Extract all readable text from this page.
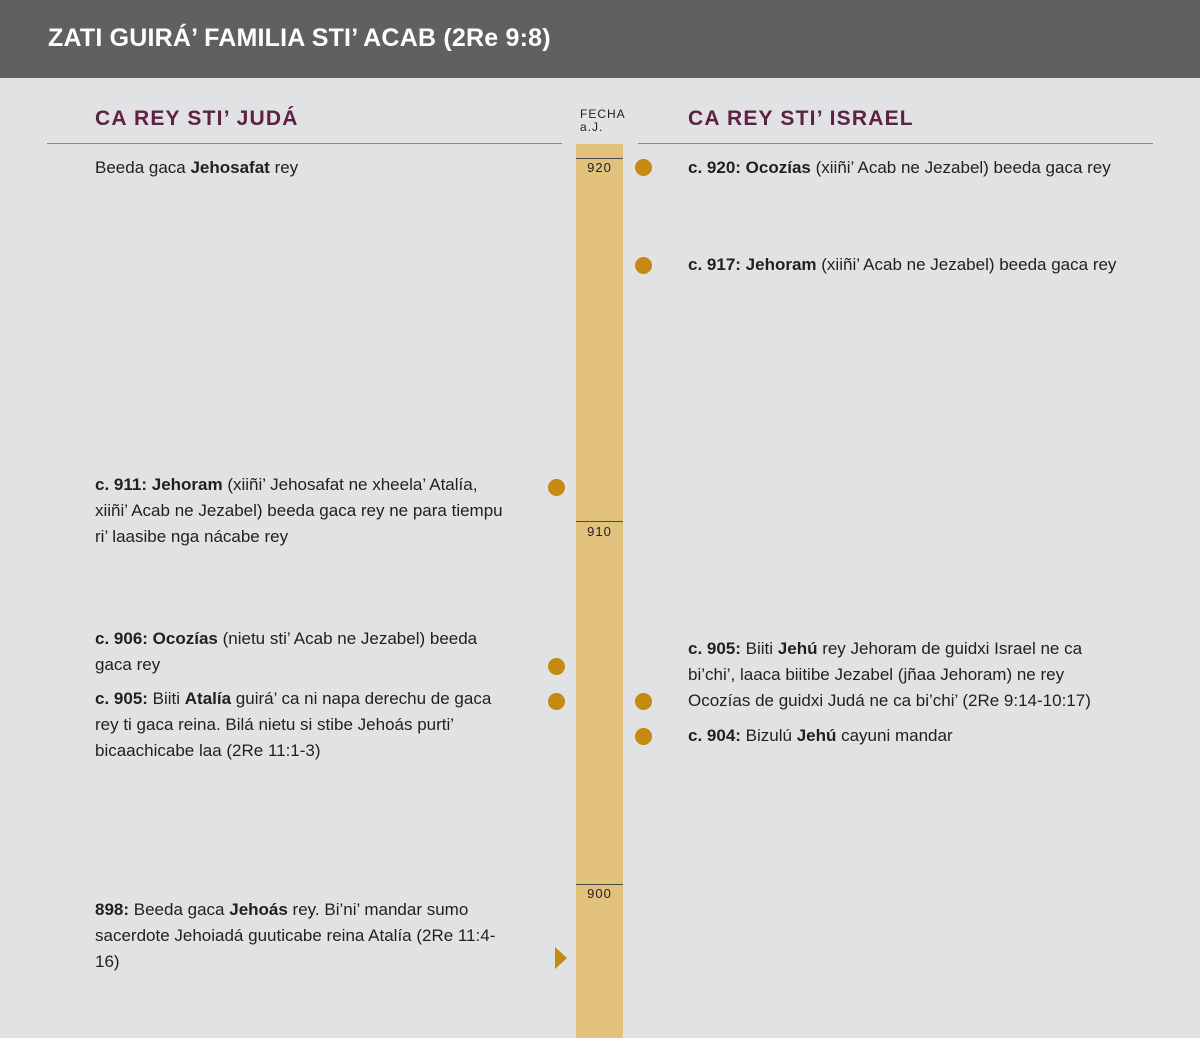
ZATI GUIRÁ’ FAMILIA STI’ ACAB (2Re 9:8)
CA REY STI’ JUDÁ	CA REY STI’ ISRAEL
FECHA
a.J.
920
910
900
Beeda gaca Jehosafat rey
c. 911: Jehoram (xiiñi’ Jehosafat ne xheela’ Atalía, xiiñi’ Acab ne Jezabel) beeda gaca rey ne para tiempu ri’ laasibe nga nácabe rey
c. 906: Ocozías (nietu sti’ Acab ne Jezabel) beeda gaca rey
c. 905: Biiti Atalía guirá’ ca ni napa derechu de gaca rey ti gaca reina. Bilá nietu si stibe Jehoás purti’ bicaachicabe laa (2Re 11:1-3)
898: Beeda gaca Jehoás rey. Bi’ni’ mandar sumo sacerdote Jehoiadá guuticabe reina Atalía (2Re 11:4-16)
c. 920: Ocozías (xiiñi’ Acab ne Jezabel) beeda gaca rey
c. 917: Jehoram (xiiñi’ Acab ne Jezabel) beeda gaca rey
c. 905: Biiti Jehú rey Jehoram de guidxi Israel ne ca bi’chi’, laaca biitibe Jezabel (jñaa Jehoram) ne rey Ocozías de guidxi Judá ne ca bi’chi’ (2Re 9:14-10:17)
c. 904: Bizulú Jehú cayuni mandar
